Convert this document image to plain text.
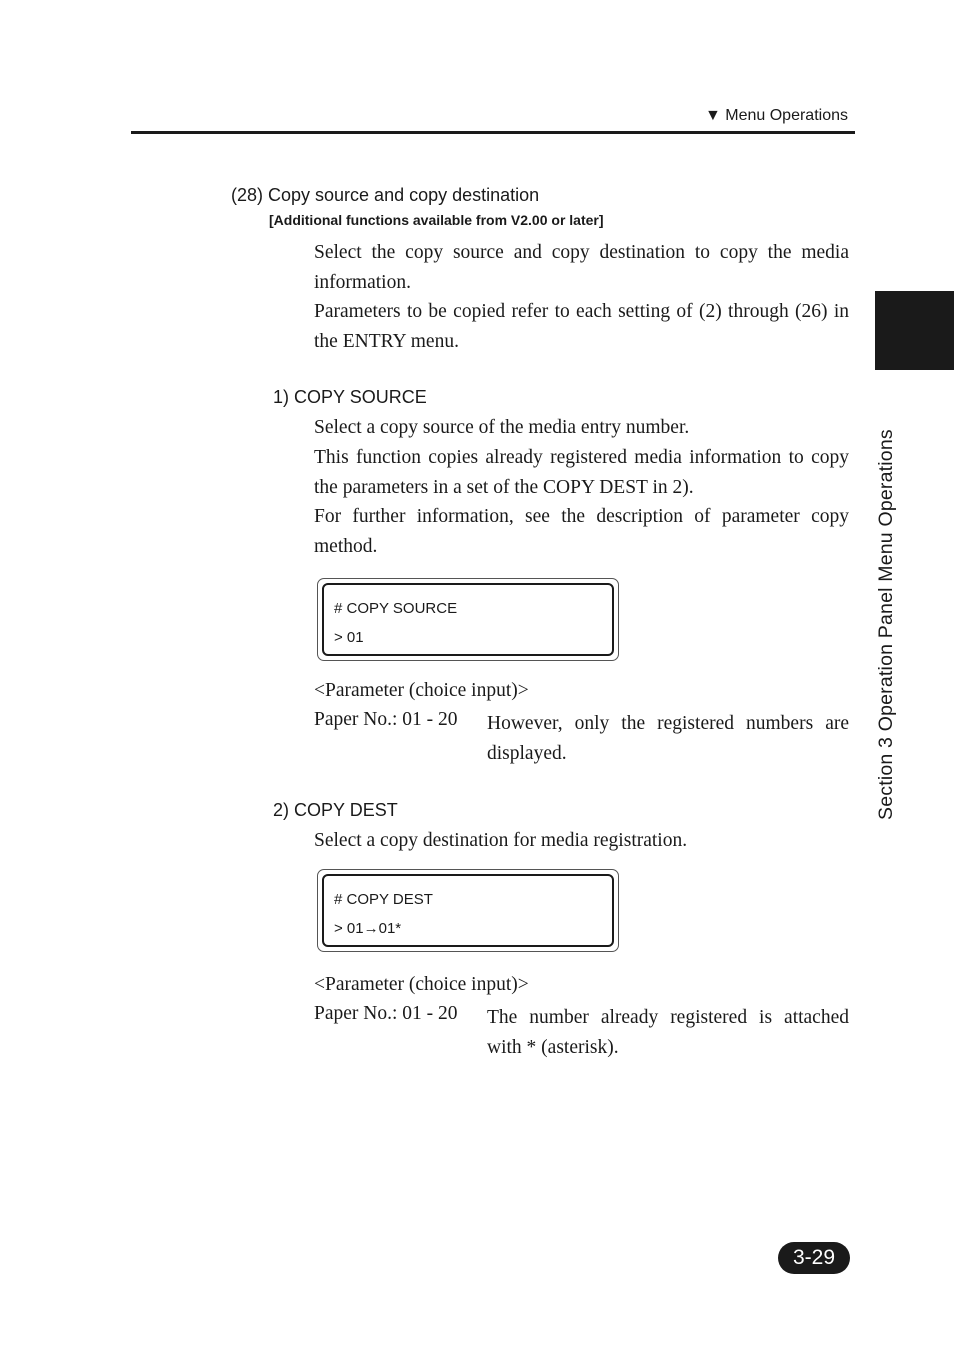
▼ Menu Operations
Section 3 Operation Panel Menu Operations
(28) Copy source and copy destination
[Additional functions available from V2.00 or later]
Select the copy source and copy destination to copy the media information.
Parameters to be copied refer to each setting of (2) through (26) in the ENTRY menu.
1) COPY SOURCE
Select a copy source of the media entry number.
This function copies already registered media information to copy the parameters in a set of the COPY DEST in 2).
For further information, see the description of parameter copy method.
# COPY SOURCE
> 01
<Parameter (choice input)>
Paper No.: 01 - 20 However, only the registered numbers are displayed.
2) COPY DEST
Select a copy destination for media registration.
# COPY DEST
> 01→01*
<Parameter (choice input)>
Paper No.: 01 - 20 The number already registered is attached with * (asterisk).
3-29
